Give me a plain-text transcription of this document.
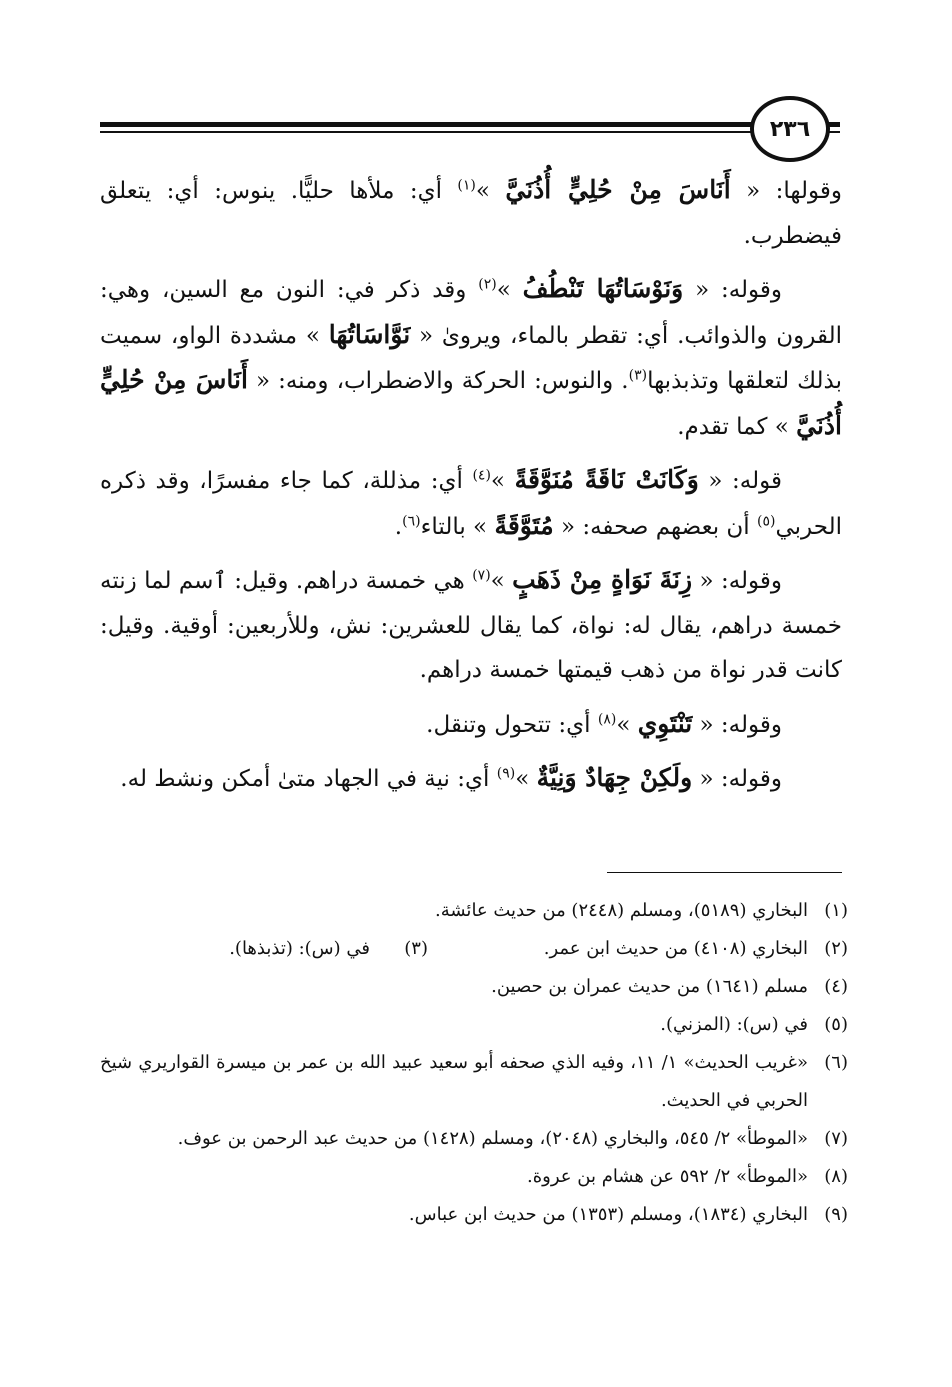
٢٣٦

وقولها: « أَنَاسَ مِنْ حُلِيٍّ أُذُنَيَّ »$^{(١)}$ أي: ملأها حليًّا. ينوس: أي: يتعلق فيضطرب.

وقوله: « وَنَوْسَاتُهَا تَنْطُفُ »$^{(٢)}$ وقد ذكر في: النون مع السين، وهي: القرون والذوائب. أي: تقطر بالماء، ويروىٰ « نَوَّاسَاتُهَا » مشددة الواو، سميت بذلك لتعلقها وتذبذبها$^{(٣)}$. والنوس: الحركة والاضطراب، ومنه: « أَنَاسَ مِنْ حُلِيٍّ أُذُنَيَّ » كما تقدم.

قوله: « وَكَانَتْ نَاقَةً مُنَوَّقَةً »$^{(٤)}$ أي: مذللة، كما جاء مفسرًا، وقد ذكره الحربي$^{(٥)}$ أن بعضهم صحفه: « مُتَوَّقَةً » بالتاء$^{(٦)}$.

وقوله: « زِنَةَ نَوَاةٍ مِنْ ذَهَبٍ »$^{(٧)}$ هي خمسة دراهم. وقيل: ٱسم لما زنته خمسة دراهم، يقال له: نواة، كما يقال للعشرين: نش، وللأربعين: أوقية. وقيل: كانت قدر نواة من ذهب قيمتها خمسة دراهم.

وقوله: « تَنْتَوِي »$^{(٨)}$ أي: تتحول وتنقل.

وقوله: « ولَكِنْ جِهَادٌ وَنِيَّةٌ »$^{(٩)}$ أي: نية في الجهاد متىٰ أمكن ونشط له.

(١)
البخاري (٥١٨٩)، ومسلم (٢٤٤٨) من حديث عائشة.
(٢)
البخاري (٤١٠٨) من حديث ابن عمر.
(٣)
في (س): (تذبذها).
(٤)
مسلم (١٦٤١) من حديث عمران بن حصين.
(٥)
في (س): (المزني).
(٦)
«غريب الحديث» ١/ ١١، وفيه الذي صحفه أبو سعيد عبيد الله بن عمر بن ميسرة القواريري شيخ الحربي في الحديث.
(٧)
«الموطأ» ٢/ ٥٤٥، والبخاري (٢٠٤٨)، ومسلم (١٤٢٨) من حديث عبد الرحمن بن عوف.
(٨)
«الموطأ» ٢/ ٥٩٢ عن هشام بن عروة.
(٩)
البخاري (١٨٣٤)، ومسلم (١٣٥٣) من حديث ابن عباس.
